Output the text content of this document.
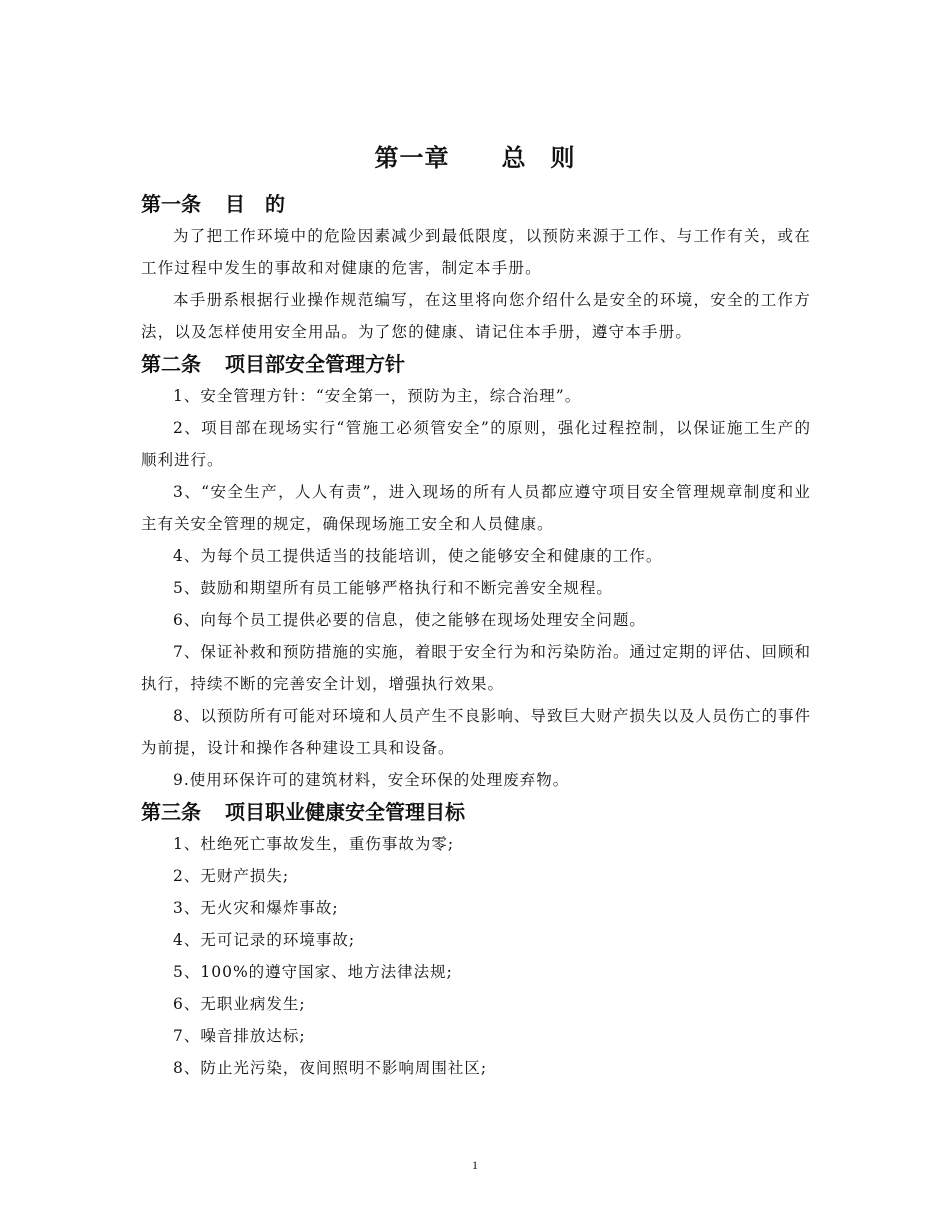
第一章 总 则
第一条 目　的

为了把工作环境中的危险因素减少到最低限度，以预防来源于工作、与工作有关，或在工作过程中发生的事故和对健康的危害，制定本手册。

本手册系根据行业操作规范编写，在这里将向您介绍什么是安全的环境，安全的工作方法，以及怎样使用安全用品。为了您的健康、请记住本手册，遵守本手册。

第二条 项目部安全管理方针

1、安全管理方针：“安全第一，预防为主，综合治理”。

2、项目部在现场实行“管施工必须管安全”的原则，强化过程控制，以保证施工生产的顺利进行。

3、“安全生产，人人有责”，进入现场的所有人员都应遵守项目安全管理规章制度和业主有关安全管理的规定，确保现场施工安全和人员健康。

4、为每个员工提供适当的技能培训，使之能够安全和健康的工作。

5、鼓励和期望所有员工能够严格执行和不断完善安全规程。

6、向每个员工提供必要的信息，使之能够在现场处理安全问题。

7、保证补救和预防措施的实施，着眼于安全行为和污染防治。通过定期的评估、回顾和执行，持续不断的完善安全计划，增强执行效果。

8、以预防所有可能对环境和人员产生不良影响、导致巨大财产损失以及人员伤亡的事件为前提，设计和操作各种建设工具和设备。

9.使用环保许可的建筑材料，安全环保的处理废弃物。

第三条 项目职业健康安全管理目标

1、杜绝死亡事故发生，重伤事故为零;

2、无财产损失;

3、无火灾和爆炸事故;

4、无可记录的环境事故;

5、100%的遵守国家、地方法律法规;

6、无职业病发生;

7、噪音排放达标;

8、防止光污染，夜间照明不影响周围社区;

1
